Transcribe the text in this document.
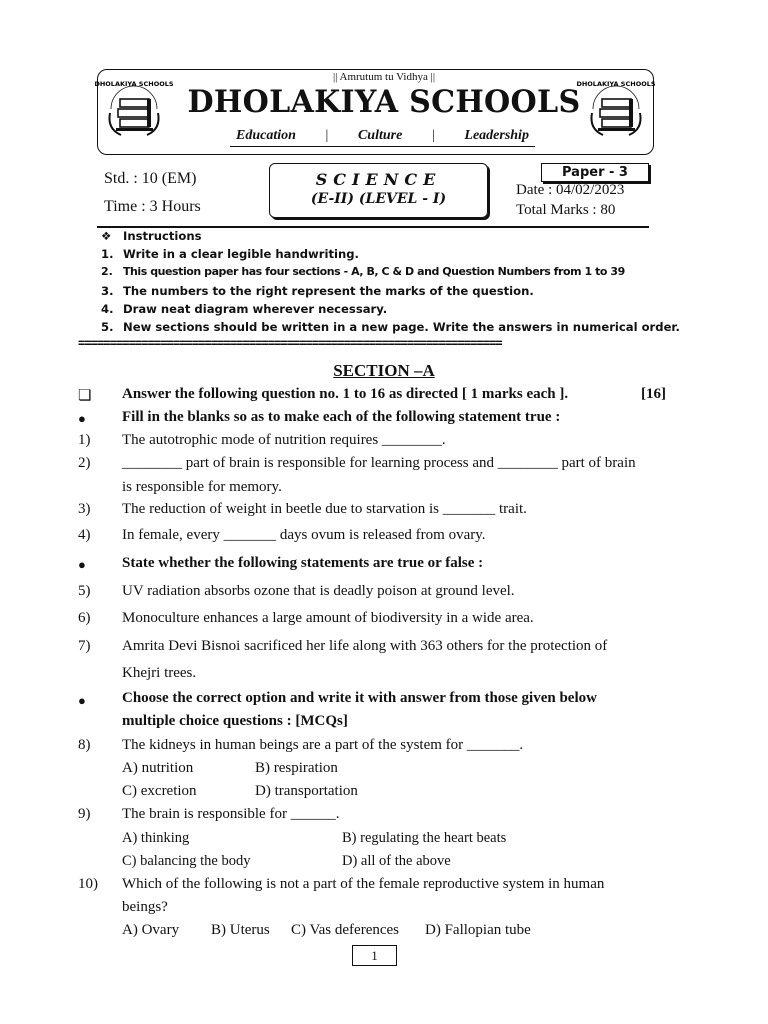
|| Amrutum tu Vidhya ||
DHOLAKIYA SCHOOLS
Education | Culture | Leadership
DHOLAKIYA SCHOOLS	DHOLAKIYA SCHOOLS
Std. : 10 (EM)
Time : 3 Hours
SCIENCE
(E-II) (LEVEL - I)
Paper - 3
Date : 04/02/2023
Total Marks : 80
❖ Instructions
1. Write in a clear legible handwriting.
2. This question paper has four sections - A, B, C & D and Question Numbers from 1 to 39
3. The numbers to the right represent the marks of the question.
4. Draw neat diagram wherever necessary.
5. New sections should be written in a new page. Write the answers in numerical order.
===================================================================
SECTION –A
❏ Answer the following question no. 1 to 16 as directed [ 1 marks each ].	[16]
● Fill in the blanks so as to make each of the following statement true :
1) The autotrophic mode of nutrition requires ________.
2) ________ part of brain is responsible for learning process and ________ part of brain
is responsible for memory.
3) The reduction of weight in beetle due to starvation is _______ trait.
4) In female, every _______ days ovum is released from ovary.
● State whether the following statements are true or false :
5) UV radiation absorbs ozone that is deadly poison at ground level.
6) Monoculture enhances a large amount of biodiversity in a wide area.
7) Amrita Devi Bisnoi sacrificed her life along with 363 others for the protection of
Khejri trees.
● Choose the correct option and write it with answer from those given below
multiple choice questions : [MCQs]
8) The kidneys in human beings are a part of the system for _______.
A) nutrition	B) respiration
C) excretion	D) transportation
9) The brain is responsible for ______.
A) thinking	B) regulating the heart beats
C) balancing the body	D) all of the above
10) Which of the following is not a part of the female reproductive system in human
beings?
A) Ovary B) Uterus C) Vas deferences D) Fallopian tube
1
